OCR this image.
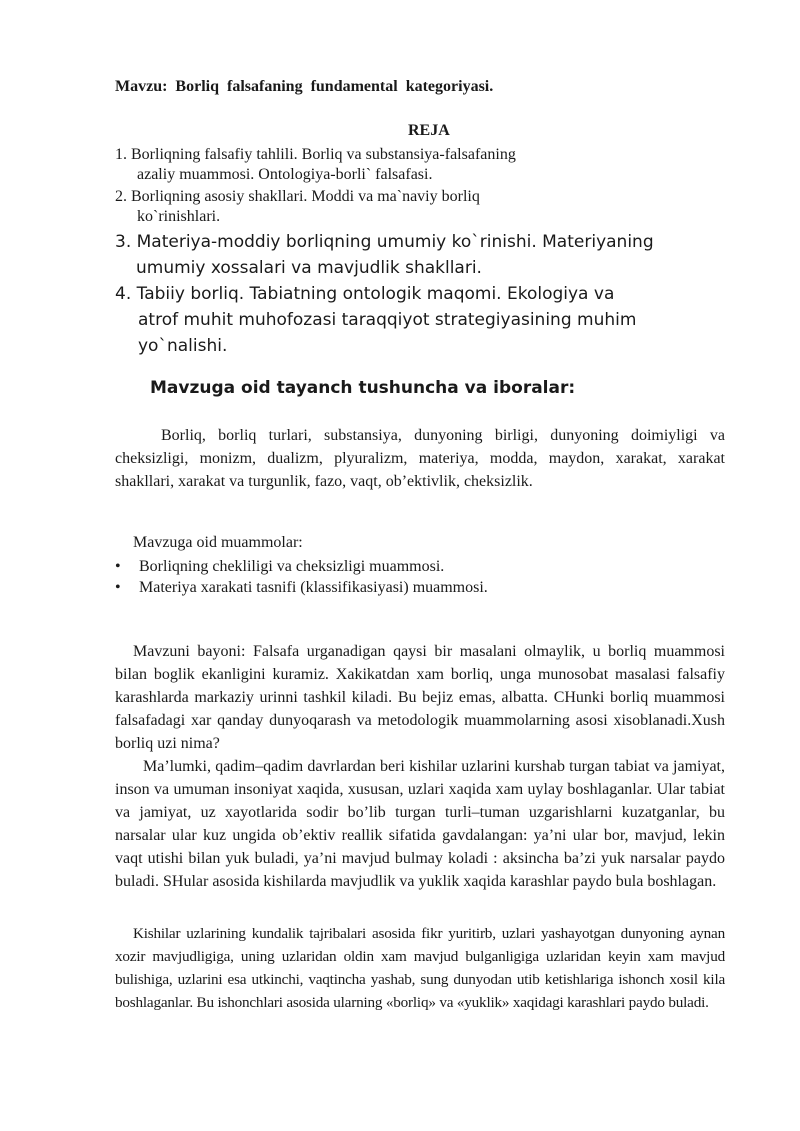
Mavzu: Borliq falsafaning fundamental kategoriyasi.

REJA

1. Borliqning falsafiy tahlili. Borliq va substansiya-falsafaning
azaliy muammosi. Ontologiya-borli` falsafasi.
2. Borliqning asosiy shakllari. Moddi va ma`naviy borliq
ko`rinishlari.
3. Materiya-moddiy borliqning umumiy ko`rinishi. Materiyaning
umumiy xossalari va mavjudlik shakllari.
4. Tabiiy borliq. Tabiatning ontologik maqomi. Ekologiya va
atrof muhit muhofozasi taraqqiyot strategiyasining muhim
yo`nalishi.

Mavzuga oid tayanch tushuncha va iboralar:

Borliq, borliq turlari, substansiya, dunyoning birligi, dunyoning doimiyligi va cheksizligi, monizm, dualizm, plyuralizm, materiya, modda, maydon, xarakat, xarakat shakllari, xarakat va turgunlik, fazo, vaqt, ob’ektivlik, cheksizlik.

Mavzuga oid muammolar:

• Borliqning chekliligi va cheksizligi muammosi.
• Materiya xarakati tasnifi (klassifikasiyasi) muammosi.

Mavzuni bayoni: Falsafa urganadigan qaysi bir masalani olmaylik, u borliq muammosi bilan boglik ekanligini kuramiz. Xakikatdan xam borliq, unga munosobat masalasi falsafiy karashlarda markaziy urinni tashkil kiladi. Bu bejiz emas, albatta. CHunki borliq muammosi falsafadagi xar qanday dunyoqarash va metodologik muammolarning asosi xisoblanadi.Xush borliq uzi nima?

Ma’lumki, qadim–qadim davrlardan beri kishilar uzlarini kurshab turgan tabiat va jamiyat, inson va umuman insoniyat xaqida, xususan, uzlari xaqida xam uylay boshlaganlar. Ular tabiat va jamiyat, uz xayotlarida sodir bo’lib turgan turli–tuman uzgarishlarni kuzatganlar, bu narsalar ular kuz ungida ob’ektiv reallik sifatida gavdalangan: ya’ni ular bor, mavjud, lekin vaqt utishi bilan yuk buladi, ya’ni mavjud bulmay koladi : aksincha ba’zi yuk narsalar paydo buladi. SHular asosida kishilarda mavjudlik va yuklik xaqida karashlar paydo bula boshlagan.

Kishilar uzlarining kundalik tajribalari asosida fikr yuritirb, uzlari yashayotgan dunyoning aynan xozir mavjudligiga, uning uzlaridan oldin xam mavjud bulganligiga uzlaridan keyin xam mavjud bulishiga, uzlarini esa utkinchi, vaqtincha yashab, sung dunyodan utib ketishlariga ishonch xosil kila boshlaganlar. Bu ishonchlari asosida ularning «borliq» va «yuklik» xaqidagi karashlari paydo buladi.
